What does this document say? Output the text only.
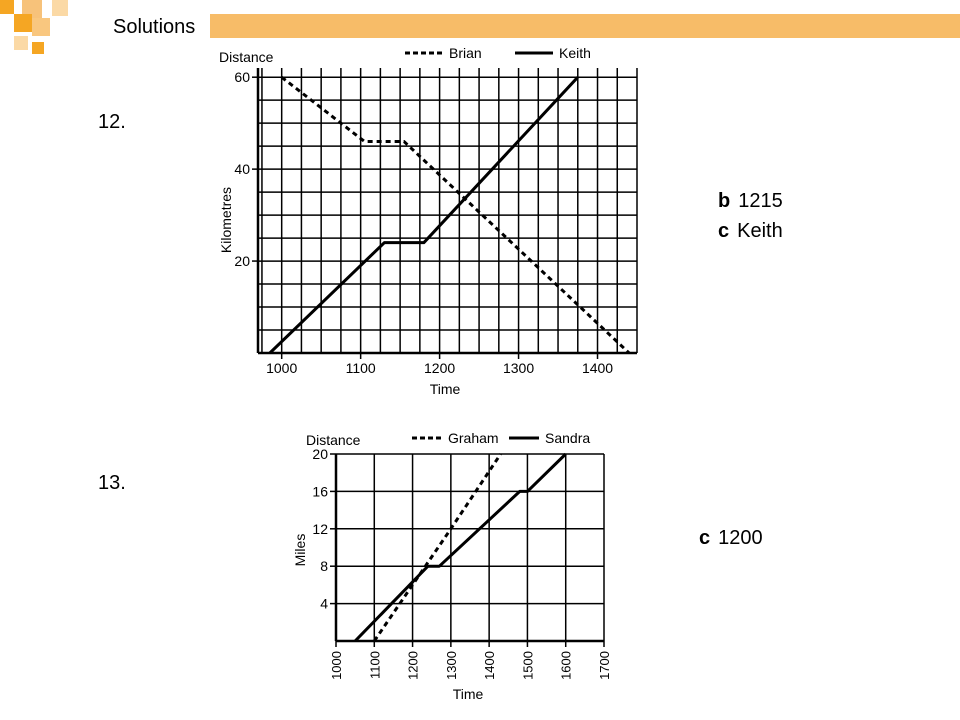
Solutions
12.
13.
b 1215
c Keith
c 1200
20
40
60
1000	1100	1200	1300	1400
Time
Kilometres
Distance	Brian	Keith
4
8
12
16
20
1000 1100 1200 1300 1400 1500 1600 1700
Time
Miles
Distance	Graham	Sandra
